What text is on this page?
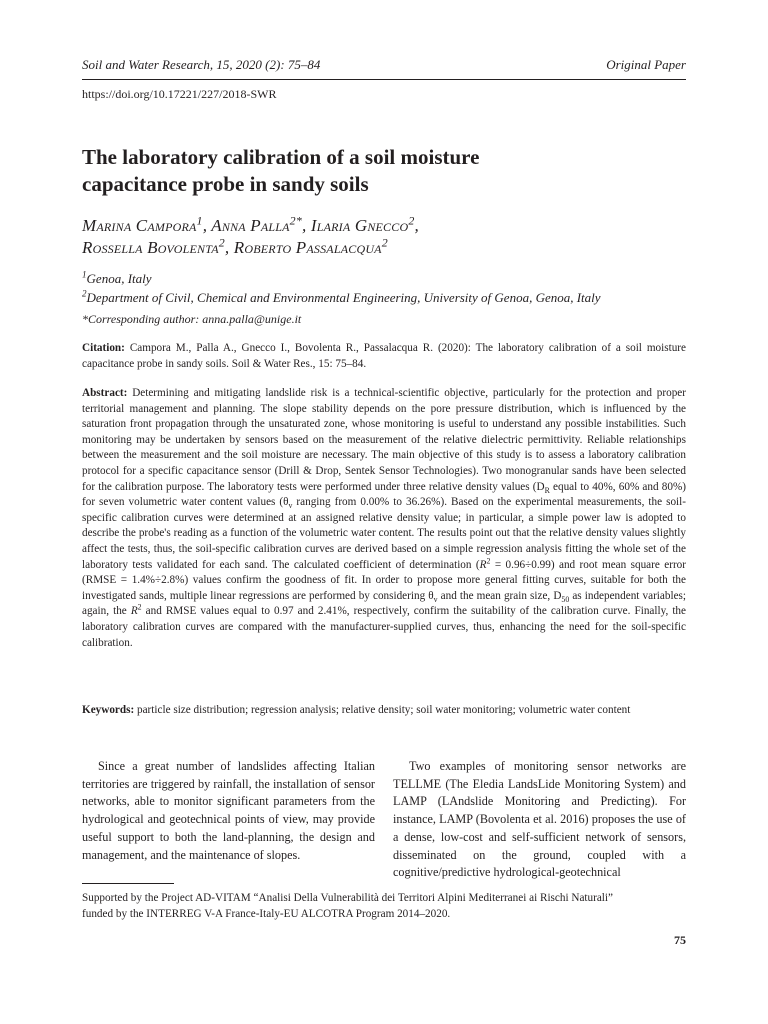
Soil and Water Research, 15, 2020 (2): 75–84	Original Paper
https://doi.org/10.17221/227/2018-SWR
The laboratory calibration of a soil moisture
capacitance probe in sandy soils
Marina Campora$^1$, Anna Palla$^{2*}$, Ilaria Gnecco$^2$,
Rossella Bovolenta$^2$, Roberto Passalacqua$^2$
$^1$Genoa, Italy
$^2$Department of Civil, Chemical and Environmental Engineering, University of Genoa, Genoa, Italy
*Corresponding author: anna.palla@unige.it
Citation: Campora M., Palla A., Gnecco I., Bovolenta R., Passalacqua R. (2020): The laboratory calibration of a soil moisture capacitance probe in sandy soils. Soil & Water Res., 15: 75–84.
Abstract: Determining and mitigating landslide risk is a technical-scientific objective, particularly for the protection and proper territorial management and planning. The slope stability depends on the pore pressure distribution, which is influenced by the saturation front propagation through the unsaturated zone, whose monitoring is useful to understand any possible instabilities. Such monitoring may be undertaken by sensors based on the measurement of the relative dielectric permittivity. Reliable relationships between the measurement and the soil moisture are necessary. The main objective of this study is to assess a laboratory calibration protocol for a specific capacitance sensor (Drill & Drop, Sentek Sensor Technologies). Two monogranular sands have been selected for the calibration purpose. The laboratory tests were performed under three relative density values ($D_R$ equal to 40%, 60% and 80%) for seven volumetric water content values ($\theta_v$ ranging from 0.00% to 36.26%). Based on the experimental measurements, the soil-specific calibration curves were determined at an assigned relative density value; in particular, a simple power law is adopted to describe the probe's reading as a function of the volumetric water content. The results point out that the relative density values slightly affect the tests, thus, the soil-specific calibration curves are derived based on a simple regression analysis fitting the whole set of the laboratory tests validated for each sand. The calculated coefficient of determination $(R^2 = 0.96\div 0.99)$ and root mean square error (RMSE = 1.4%÷2.8%) values confirm the goodness of fit. In order to propose more general fitting curves, suitable for both the investigated sands, multiple linear regressions are performed by considering $\theta_v$ and the mean grain size, $D_{50}$ as independent variables; again, the $R^2$ and RMSE values equal to 0.97 and 2.41%, respectively, confirm the suitability of the calibration curve. Finally, the laboratory calibration curves are compared with the manufacturer-supplied curves, thus, enhancing the need for the soil-specific calibration.
Keywords: particle size distribution; regression analysis; relative density; soil water monitoring; volumetric water content
Since a great number of landslides affecting Italian territories are triggered by rainfall, the installation of sensor networks, able to monitor significant parameters from the hydrological and geotechnical points of view, may provide useful support to both the land-planning, the design and management, and the maintenance of slopes.
Two examples of monitoring sensor networks are TELLME (The Eledia LandsLide Monitoring System) and LAMP (LAndslide Monitoring and Predicting). For instance, LAMP (Bovolenta et al. 2016) proposes the use of a dense, low-cost and self-sufficient network of sensors, disseminated on the ground, coupled with a cognitive/predictive hydrological-geotechnical
Supported by the Project AD-VITAM “Analisi Della Vulnerabilità dei Territori Alpini Mediterranei ai Rischi Naturali”
funded by the INTERREG V-A France-Italy-EU ALCOTRA Program 2014–2020.
75
